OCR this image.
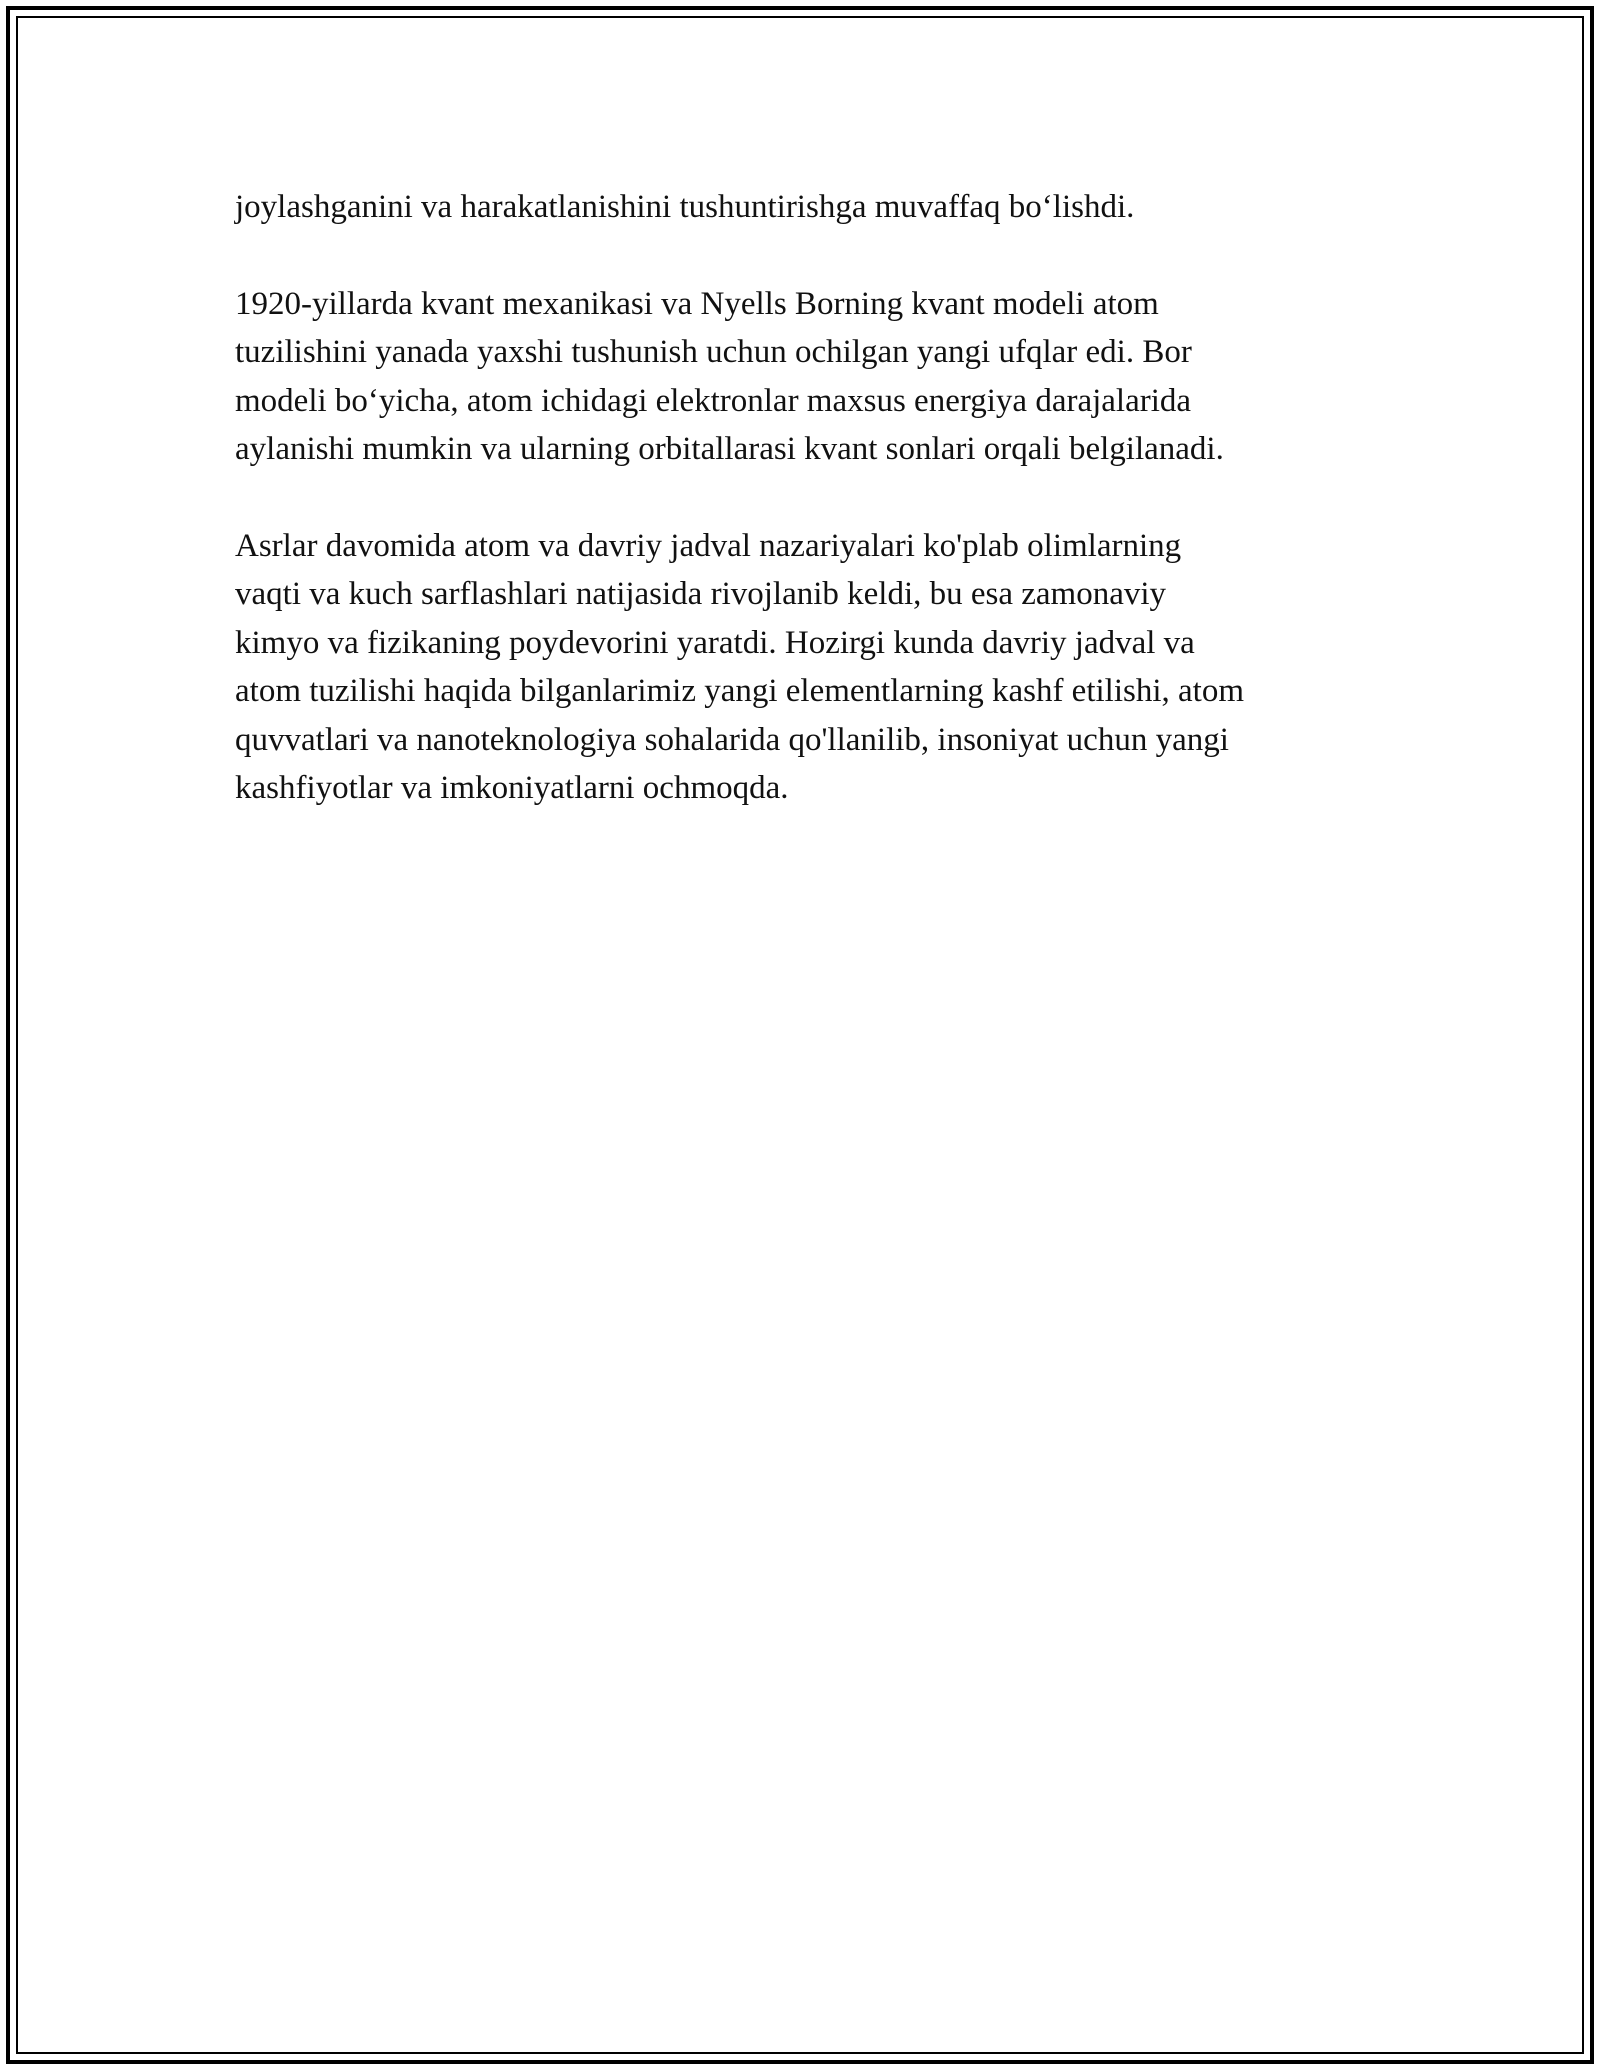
joylashganini va harakatlanishini tushuntirishga muvaffaq bo‘lishdi.

1920-yillarda kvant mexanikasi va Nyells Borning kvant modeli atom
tuzilishini yanada yaxshi tushunish uchun ochilgan yangi ufqlar edi. Bor
modeli bo‘yicha, atom ichidagi elektronlar maxsus energiya darajalarida
aylanishi mumkin va ularning orbitallarasi kvant sonlari orqali belgilanadi.

Asrlar davomida atom va davriy jadval nazariyalari ko'plab olimlarning
vaqti va kuch sarflashlari natijasida rivojlanib keldi, bu esa zamonaviy
kimyo va fizikaning poydevorini yaratdi. Hozirgi kunda davriy jadval va
atom tuzilishi haqida bilganlarimiz yangi elementlarning kashf etilishi, atom
quvvatlari va nanoteknologiya sohalarida qo'llanilib, insoniyat uchun yangi
kashfiyotlar va imkoniyatlarni ochmoqda.
